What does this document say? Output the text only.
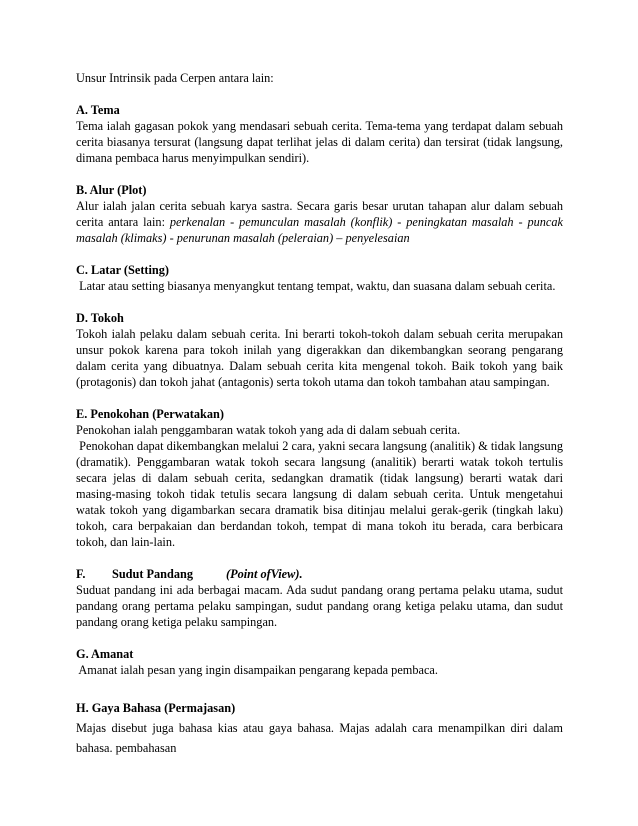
Unsur Intrinsik pada Cerpen antara lain:

A. Tema

Tema ialah gagasan pokok yang mendasari sebuah cerita. Tema-tema yang terdapat dalam sebuah cerita biasanya tersurat (langsung dapat terlihat jelas di dalam cerita) dan tersirat (tidak langsung, dimana pembaca harus menyimpulkan sendiri).

B. Alur (Plot)

Alur ialah jalan cerita sebuah karya sastra. Secara garis besar urutan tahapan alur dalam sebuah cerita antara lain: perkenalan - pemunculan masalah (konflik) - peningkatan masalah - puncak masalah (klimaks) - penurunan masalah (peleraian) – penyelesaian

C. Latar (Setting)

Latar atau setting biasanya menyangkut tentang tempat, waktu, dan suasana dalam sebuah cerita.

D. Tokoh

Tokoh ialah pelaku dalam sebuah cerita. Ini berarti tokoh-tokoh dalam sebuah cerita merupakan unsur pokok karena para tokoh inilah yang digerakkan dan dikembangkan seorang pengarang dalam cerita yang dibuatnya. Dalam sebuah cerita kita mengenal tokoh. Baik tokoh yang baik (protagonis) dan tokoh jahat (antagonis) serta tokoh utama dan tokoh tambahan atau sampingan.

E. Penokohan (Perwatakan)

Penokohan ialah penggambaran watak tokoh yang ada di dalam sebuah cerita.

Penokohan dapat dikembangkan melalui 2 cara, yakni secara langsung (analitik) & tidak langsung (dramatik). Penggambaran watak tokoh secara langsung (analitik) berarti watak tokoh tertulis secara jelas di dalam sebuah cerita, sedangkan dramatik (tidak langsung) berarti watak dari masing-masing tokoh tidak tetulis secara langsung di dalam sebuah cerita. Untuk mengetahui watak tokoh yang digambarkan secara dramatik bisa ditinjau melalui gerak-gerik (tingkah laku) tokoh, cara berpakaian dan berdandan tokoh, tempat di mana tokoh itu berada, cara berbicara tokoh, dan lain-lain.

F.	Sudut Pandang	(Point ofView).

Suduat pandang ini ada berbagai macam. Ada sudut pandang orang pertama pelaku utama, sudut pandang orang pertama pelaku sampingan, sudut pandang orang ketiga pelaku utama, dan sudut pandang orang ketiga pelaku sampingan.

G. Amanat

Amanat ialah pesan yang ingin disampaikan pengarang kepada pembaca.

H. Gaya Bahasa (Permajasan)

Majas disebut juga bahasa kias atau gaya bahasa. Majas adalah cara menampilkan diri dalam bahasa. pembahasan
